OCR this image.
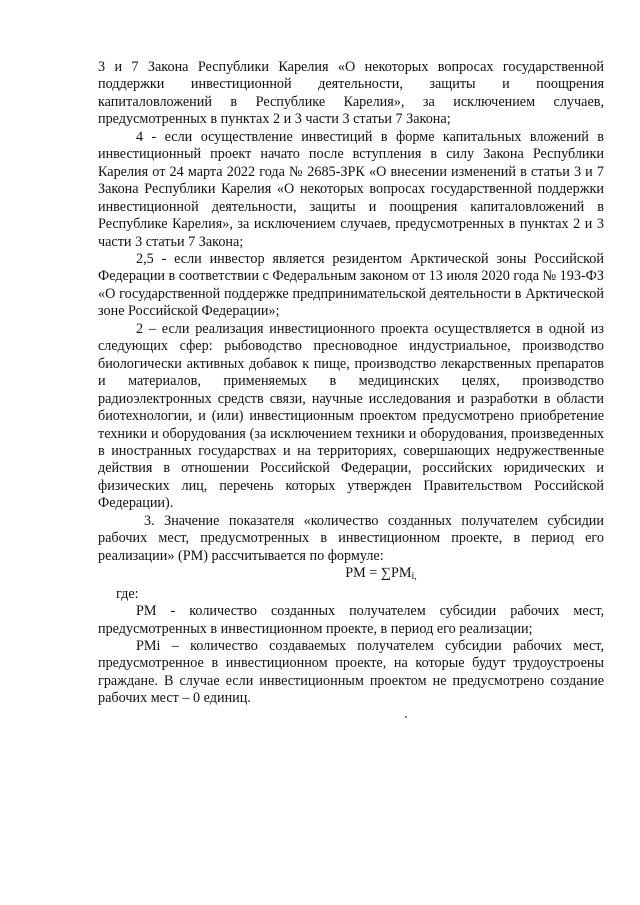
3 и 7 Закона Республики Карелия «О некоторых вопросах государственной поддержки инвестиционной деятельности, защиты и поощрения капиталовложений в Республике Карелия», за исключением случаев, предусмотренных в пунктах 2 и 3 части 3 статьи 7 Закона;

4 - если осуществление инвестиций в форме капитальных вложений в инвестиционный проект начато после вступления в силу Закона Республики Карелия от 24 марта 2022 года № 2685-ЗРК «О внесении изменений в статьи 3 и 7 Закона Республики Карелия «О некоторых вопросах государственной поддержки инвестиционной деятельности, защиты и поощрения капиталовложений в Республике Карелия», за исключением случаев, предусмотренных в пунктах 2 и 3 части 3 статьи 7 Закона;

2,5 - если инвестор является резидентом Арктической зоны Российской Федерации в соответствии с Федеральным законом от 13 июля 2020 года № 193-ФЗ «О государственной поддержке предпринимательской деятельности в Арктической зоне Российской Федерации»;

2 – если реализация инвестиционного проекта осуществляется в одной из следующих сфер: рыбоводство пресноводное индустриальное, производство биологически активных добавок к пище, производство лекарственных препаратов и материалов, применяемых в медицинских целях, производство радиоэлектронных средств связи, научные исследования и разработки в области биотехнологии, и (или) инвестиционным проектом предусмотрено приобретение техники и оборудования (за исключением техники и оборудования, произведенных в иностранных государствах и на территориях, совершающих недружественные действия в отношении Российской Федерации, российских юридических и физических лиц, перечень которых утвержден Правительством Российской Федерации).

3. Значение показателя «количество созданных получателем субсидии рабочих мест, предусмотренных в инвестиционном проекте, в период его реализации» (РМ) рассчитывается по формуле:

РМ = $\sum РМ_{i,}$

где:

РМ - количество созданных получателем субсидии рабочих мест, предусмотренных в инвестиционном проекте, в период его реализации;

РМi – количество создаваемых получателем субсидии рабочих мест, предусмотренное в инвестиционном проекте, на которые будут трудоустроены граждане. В случае если инвестиционным проектом не предусмотрено создание рабочих мест – 0 единиц.
